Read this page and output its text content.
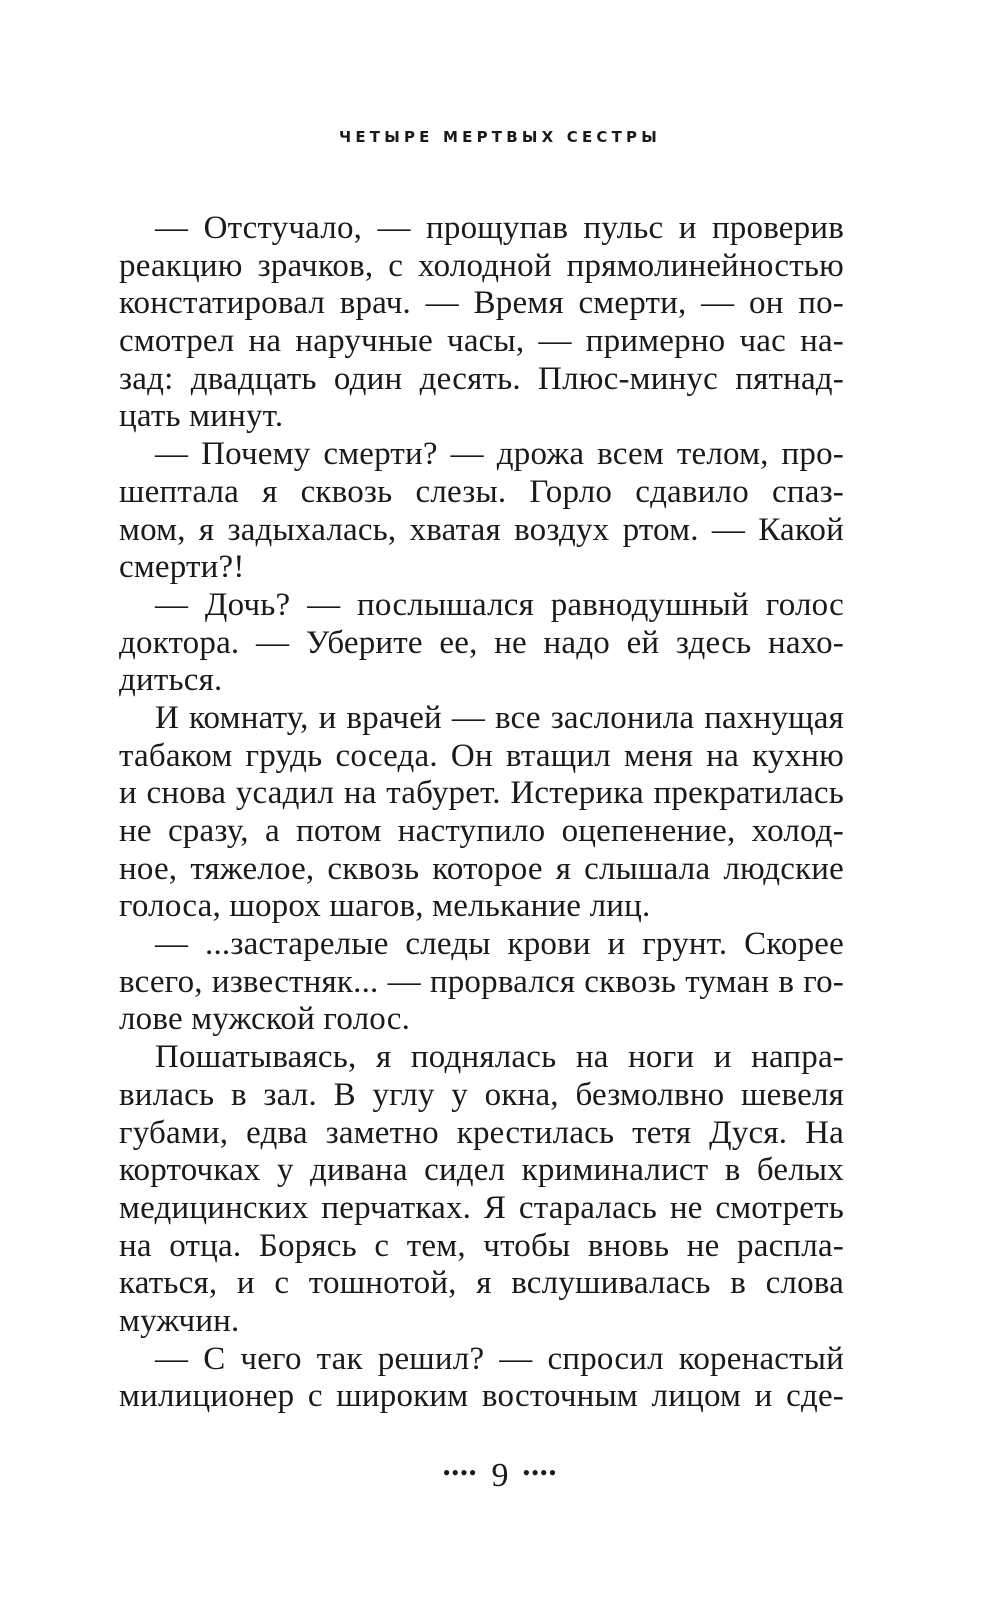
ЧЕТЫРЕ МЕРТВЫХ СЕСТРЫ
— Отстучало, — прощупав пульс и проверив
реакцию зрачков, с холодной прямолинейностью
констатировал врач. — Время смерти, — он по-
смотрел на наручные часы, — примерно час на-
зад: двадцать один десять. Плюс-минус пятнад-
цать минут.
— Почему смерти? — дрожа всем телом, про-
шептала я сквозь слезы. Горло сдавило спаз-
мом, я задыхалась, хватая воздух ртом. — Какой
смерти?!
— Дочь? — послышался равнодушный голос
доктора. — Уберите ее, не надо ей здесь нахо-
диться.
И комнату, и врачей — все заслонила пахнущая
табаком грудь соседа. Он втащил меня на кухню
и снова усадил на табурет. Истерика прекратилась
не сразу, а потом наступило оцепенение, холод-
ное, тяжелое, сквозь которое я слышала людские
голоса, шорох шагов, мелькание лиц.
— ...застарелые следы крови и грунт. Скорее
всего, известняк... — прорвался сквозь туман в го-
лове мужской голос.
Пошатываясь, я поднялась на ноги и напра-
вилась в зал. В углу у окна, безмолвно шевеля
губами, едва заметно крестилась тетя Дуся. На
корточках у дивана сидел криминалист в белых
медицинских перчатках. Я старалась не смотреть
на отца. Борясь с тем, чтобы вновь не распла-
каться, и с тошнотой, я вслушивалась в слова
мужчин.
— С чего так решил? — спросил коренастый
милиционер с широким восточным лицом и сде-
••••9••••
